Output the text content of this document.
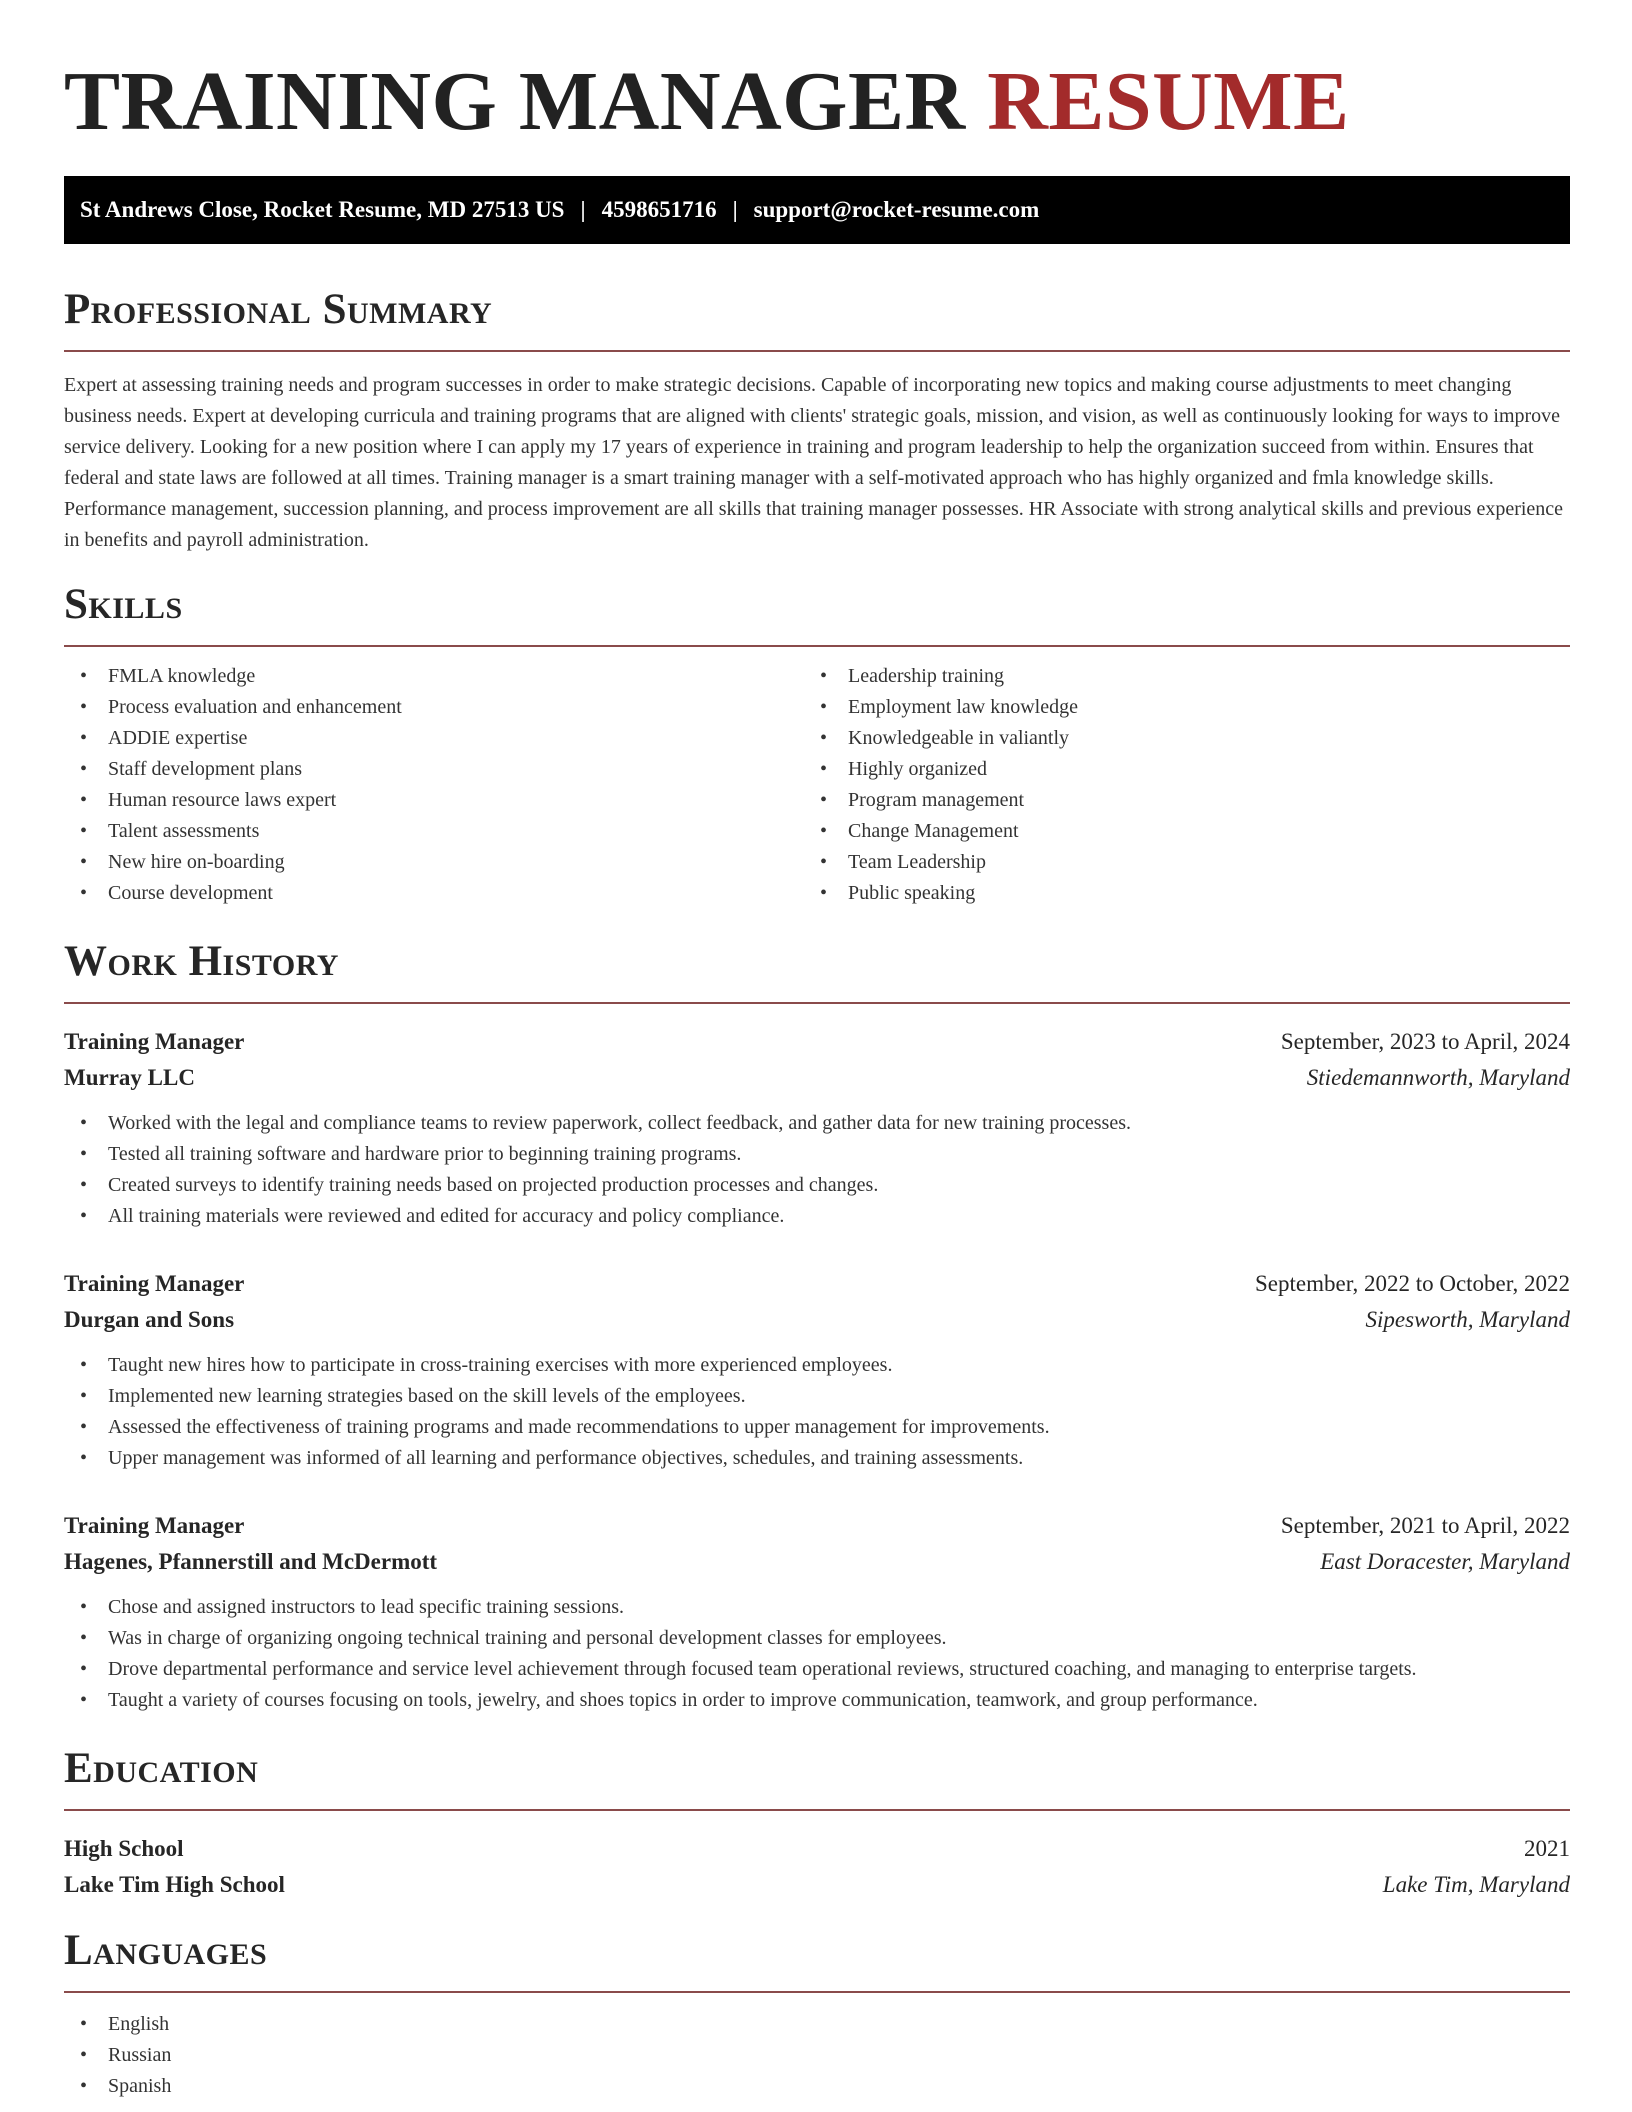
TRAINING MANAGER RESUME
St Andrews Close, Rocket Resume, MD 27513 US | 4598651716 | support@rocket-resume.com
Professional Summary
Expert at assessing training needs and program successes in order to make strategic decisions. Capable of incorporating new topics and making course adjustments to meet changing business needs. Expert at developing curricula and training programs that are aligned with clients' strategic goals, mission, and vision, as well as continuously looking for ways to improve service delivery. Looking for a new position where I can apply my 17 years of experience in training and program leadership to help the organization succeed from within. Ensures that federal and state laws are followed at all times. Training manager is a smart training manager with a self-motivated approach who has highly organized and fmla knowledge skills. Performance management, succession planning, and process improvement are all skills that training manager possesses. HR Associate with strong analytical skills and previous experience in benefits and payroll administration.
Skills
• FMLA knowledge
• Process evaluation and enhancement
• ADDIE expertise
• Staff development plans
• Human resource laws expert
• Talent assessments
• New hire on-boarding
• Course development
• Leadership training
• Employment law knowledge
• Knowledgeable in valiantly
• Highly organized
• Program management
• Change Management
• Team Leadership
• Public speaking
Work History
Training Manager	September, 2023 to April, 2024
Murray LLC	Stiedemannworth, Maryland
• Worked with the legal and compliance teams to review paperwork, collect feedback, and gather data for new training processes.
• Tested all training software and hardware prior to beginning training programs.
• Created surveys to identify training needs based on projected production processes and changes.
• All training materials were reviewed and edited for accuracy and policy compliance.
Training Manager	September, 2022 to October, 2022
Durgan and Sons	Sipesworth, Maryland
• Taught new hires how to participate in cross-training exercises with more experienced employees.
• Implemented new learning strategies based on the skill levels of the employees.
• Assessed the effectiveness of training programs and made recommendations to upper management for improvements.
• Upper management was informed of all learning and performance objectives, schedules, and training assessments.
Training Manager	September, 2021 to April, 2022
Hagenes, Pfannerstill and McDermott	East Doracester, Maryland
• Chose and assigned instructors to lead specific training sessions.
• Was in charge of organizing ongoing technical training and personal development classes for employees.
• Drove departmental performance and service level achievement through focused team operational reviews, structured coaching, and managing to enterprise targets.
• Taught a variety of courses focusing on tools, jewelry, and shoes topics in order to improve communication, teamwork, and group performance.
Education
High School	2021
Lake Tim High School	Lake Tim, Maryland
Languages
• English
• Russian
• Spanish
